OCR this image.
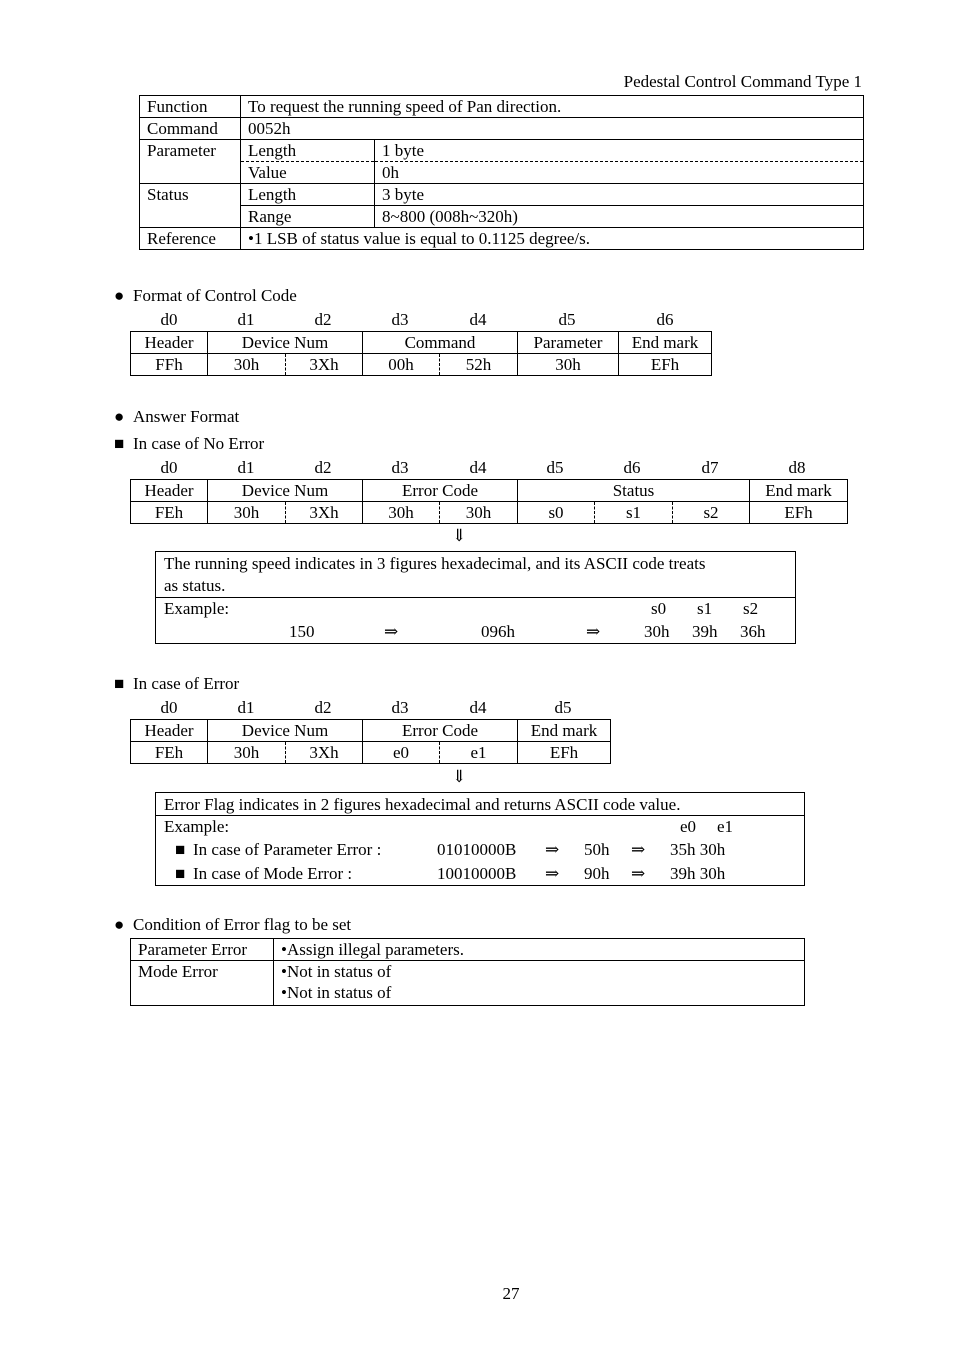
Pedestal Control Command Type 1
Function	To request the running speed of Pan direction.	
Command	0052h	
Parameter	Length	1 byte
	Value	0h
Status	Length	3 byte
	Range	8~800 (008h~320h)
Reference	•1 LSB of status value is equal to 0.1125 degree/s.	
● Format of Control Code
d0	d1	d2	d3	d4	d5	d6
Header	Device Num		Command		Parameter	End mark
FFh	30h	3Xh	00h	52h	30h	EFh
● Answer Format
■ In case of No Error
d0	d1	d2	d3	d4	d5	d6	d7	d8
Header	Device Num		Error Code		Status			End mark
FEh	30h	3Xh	30h	30h	s0	s1	s2	EFh
⇓
The running speed indicates in 3 figures hexadecimal, and its ASCII code treats
as status.
Example:	s0 s1 s2
150	⇒	096h	⇒	30h 39h 36h
■ In case of Error
d0	d1	d2	d3	d4	d5
Header	Device Num		Error Code		End mark
FEh	30h	3Xh	e0	e1	EFh
⇓
Error Flag indicates in 2 figures hexadecimal and returns ASCII code value.
Example:	e0 e1
■ In case of Parameter Error :	01010000B ⇒ 50h ⇒ 35h 30h
■ In case of Mode Error :	10010000B ⇒ 90h ⇒ 39h 30h
● Condition of Error flag to be set
Parameter Error	•Assign illegal parameters.
Mode Error	•Not in status of
•Not in status of
27
